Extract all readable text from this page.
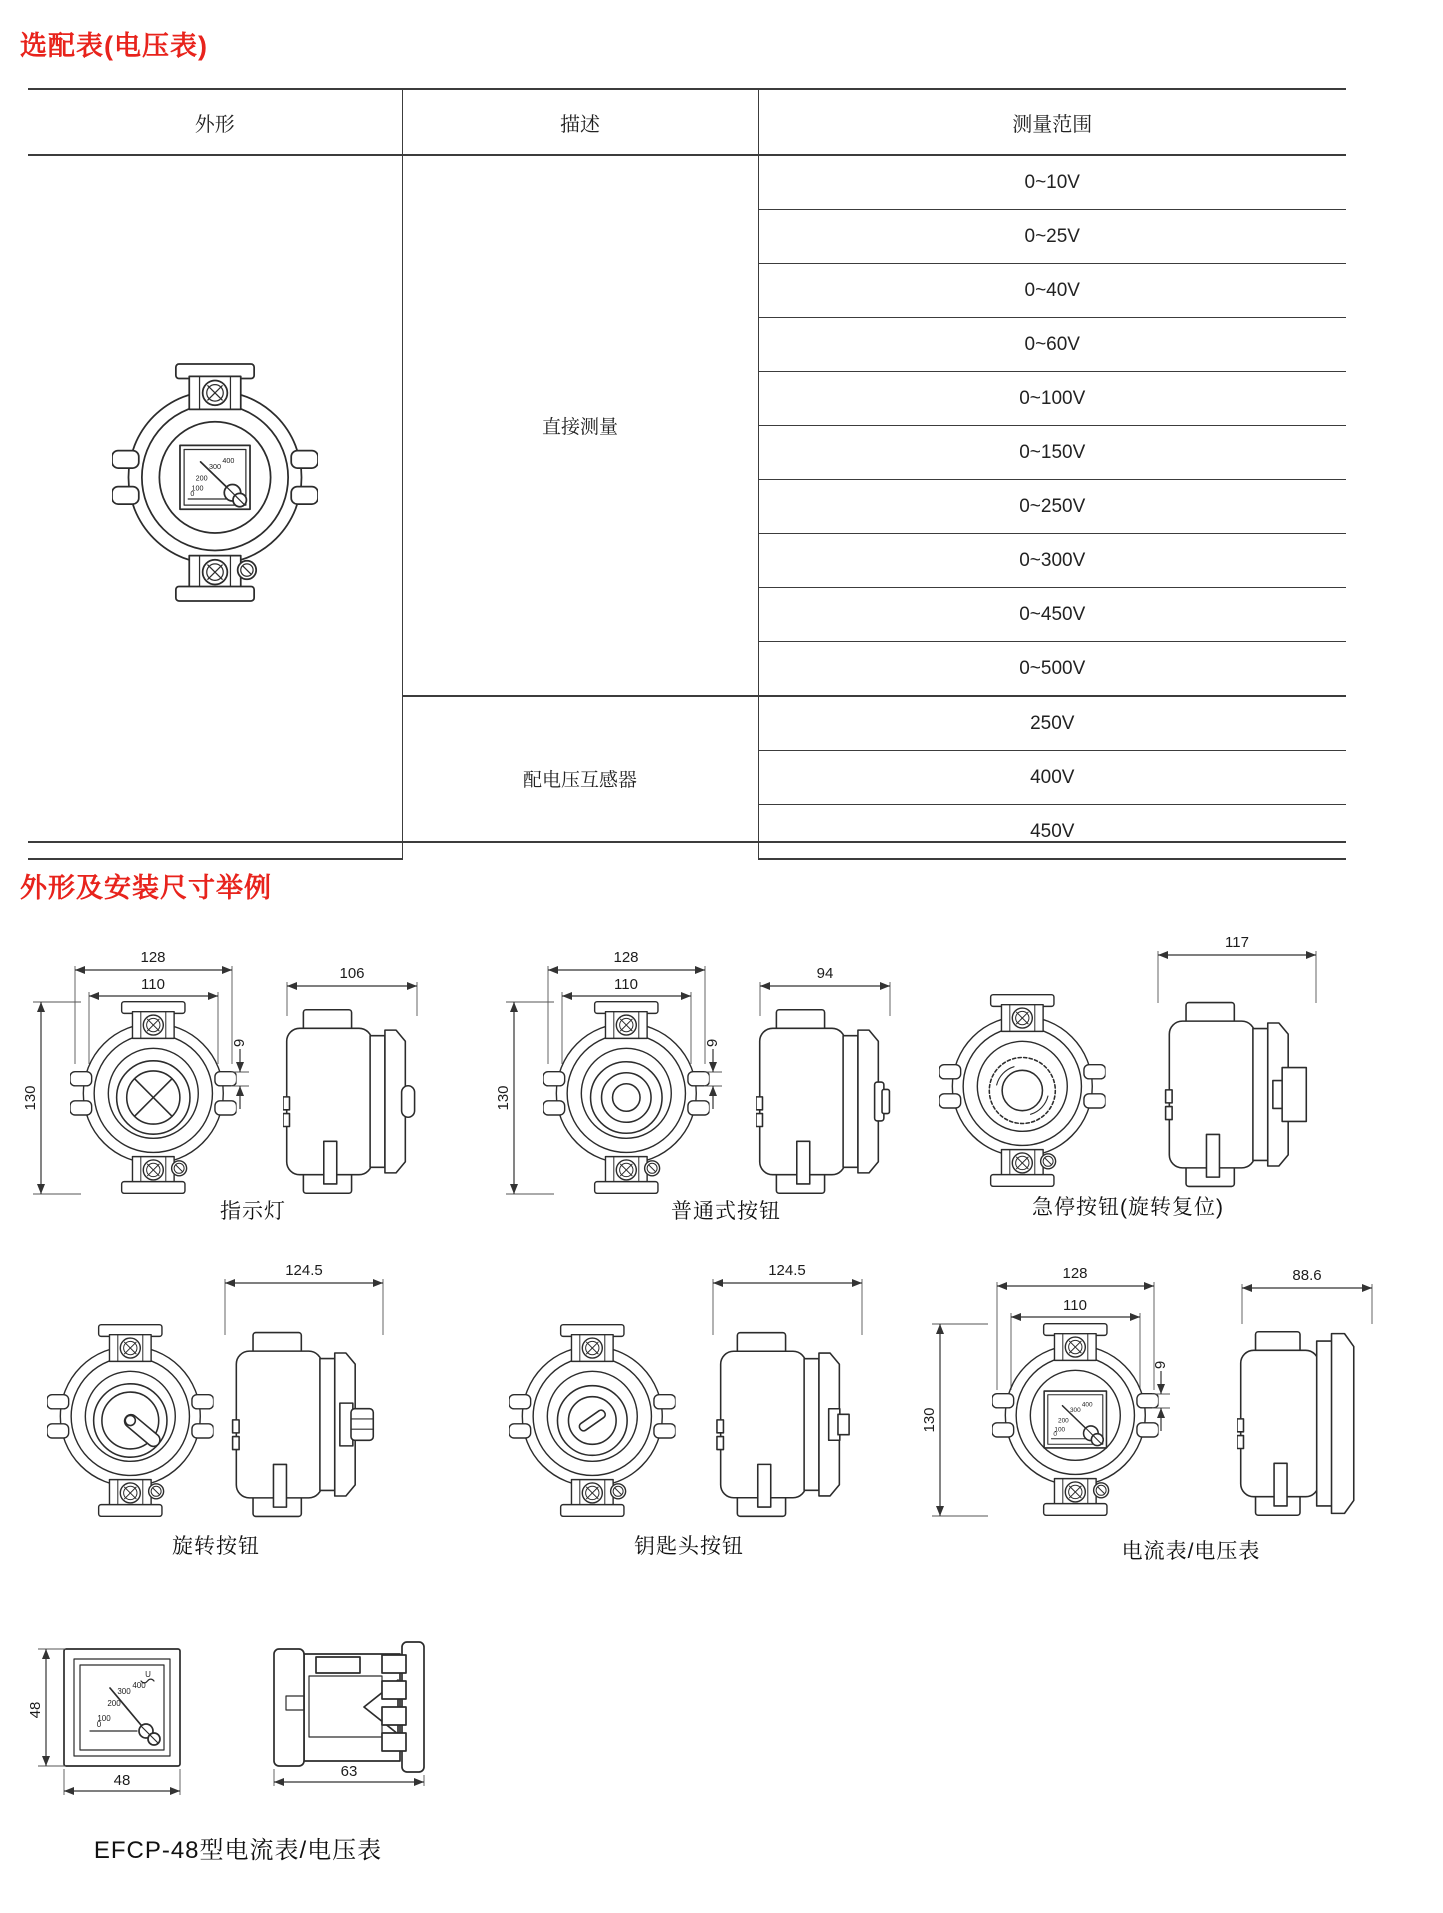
选配表(电压表)
外形	描述	测量范围

	直接测量	0~10V
		0~25V
		0~40V
		0~60V
		0~100V
		0~150V
		0~250V
		0~300V
		0~450V
		0~500V
	配电压互感器	250V
		400V
		450V
外形及安装尺寸举例
128
110
130
9
106
指示灯
128
110
130
9
94
普通式按钮
117
急停按钮(旋转复位)
124.5
旋转按钮
124.5
钥匙头按钮
128
110
130
9
88.6
电流表/电压表
U
400
300
200
100
0
48
48
63
EFCP-48型电流表/电压表
